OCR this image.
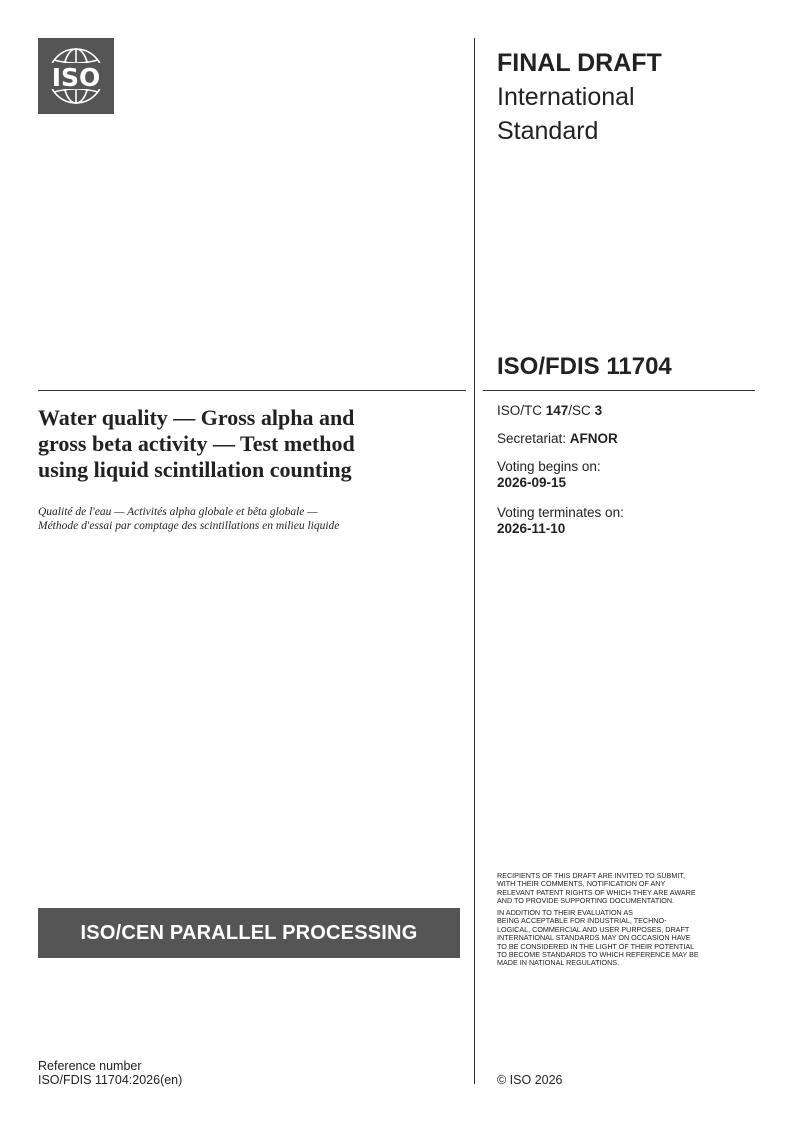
ISO	FINAL DRAFT
International
Standard
ISO/FDIS 11704
ISO/TC 147/SC 3
Secretariat: AFNOR
Voting begins on:
2026-09-15
Voting terminates on:
2026-11-10
Water quality — Gross alpha and
gross beta activity — Test method
using liquid scintillation counting
Qualité de l'eau — Activités alpha globale et bêta globale —
Méthode d'essai par comptage des scintillations en milieu liquide
ISO/CEN PARALLEL PROCESSING
RECIPIENTS OF THIS DRAFT ARE INVITED TO SUBMIT,
WITH THEIR COMMENTS, NOTIFICATION OF ANY
RELEVANT PATENT RIGHTS OF WHICH THEY ARE AWARE
AND TO PROVIDE SUPPORTING DOCUMENTATION.
IN ADDITION TO THEIR EVALUATION AS
BEING ACCEPTABLE FOR INDUSTRIAL, TECHNO-
LOGICAL, COMMERCIAL AND USER PURPOSES, DRAFT
INTERNATIONAL STANDARDS MAY ON OCCASION HAVE
TO BE CONSIDERED IN THE LIGHT OF THEIR POTENTIAL
TO BECOME STANDARDS TO WHICH REFERENCE MAY BE
MADE IN NATIONAL REGULATIONS.
Reference number
ISO/FDIS 11704:2026(en)	© ISO 2026
